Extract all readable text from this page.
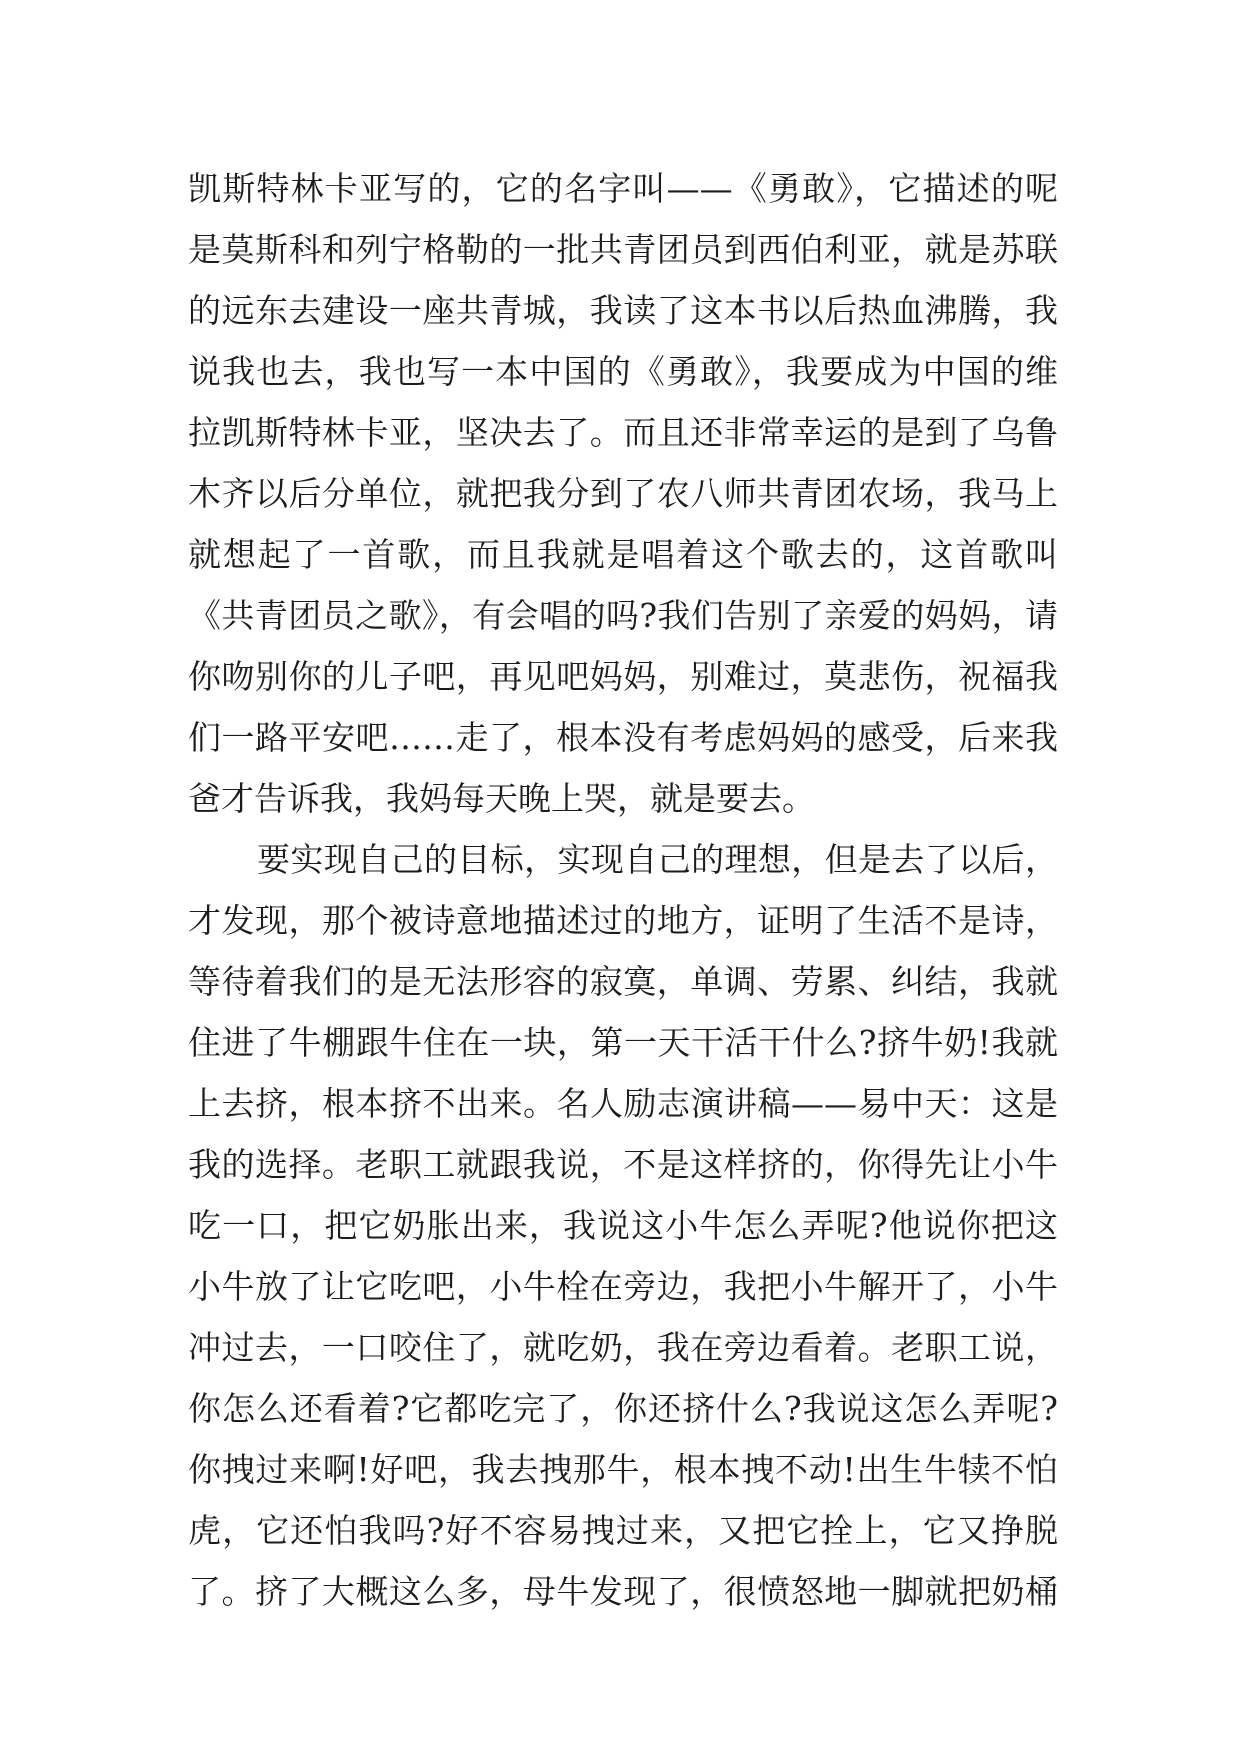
凯斯特林卡亚写的，它的名字叫——《勇敢》，它描述的呢
是莫斯科和列宁格勒的一批共青团员到西伯利亚，就是苏联
的远东去建设一座共青城，我读了这本书以后热血沸腾，我
说我也去，我也写一本中国的《勇敢》，我要成为中国的维
拉凯斯特林卡亚，坚决去了。而且还非常幸运的是到了乌鲁
木齐以后分单位，就把我分到了农八师共青团农场，我马上
就想起了一首歌，而且我就是唱着这个歌去的，这首歌叫
《共青团员之歌》，有会唱的吗?我们告别了亲爱的妈妈，请
你吻别你的儿子吧，再见吧妈妈，别难过，莫悲伤，祝福我
们一路平安吧……走了，根本没有考虑妈妈的感受，后来我
爸才告诉我，我妈每天晚上哭，就是要去。
要实现自己的目标，实现自己的理想，但是去了以后，
才发现，那个被诗意地描述过的地方，证明了生活不是诗，
等待着我们的是无法形容的寂寞，单调、劳累、纠结，我就
住进了牛棚跟牛住在一块，第一天干活干什么?挤牛奶!我就
上去挤，根本挤不出来。名人励志演讲稿——易中天：这是
我的选择。老职工就跟我说，不是这样挤的，你得先让小牛
吃一口，把它奶胀出来，我说这小牛怎么弄呢?他说你把这
小牛放了让它吃吧，小牛栓在旁边，我把小牛解开了，小牛
冲过去，一口咬住了，就吃奶，我在旁边看着。老职工说，
你怎么还看着?它都吃完了，你还挤什么?我说这怎么弄呢?
你拽过来啊!好吧，我去拽那牛，根本拽不动!出生牛犊不怕
虎，它还怕我吗?好不容易拽过来，又把它拴上，它又挣脱
了。挤了大概这么多，母牛发现了，很愤怒地一脚就把奶桶
